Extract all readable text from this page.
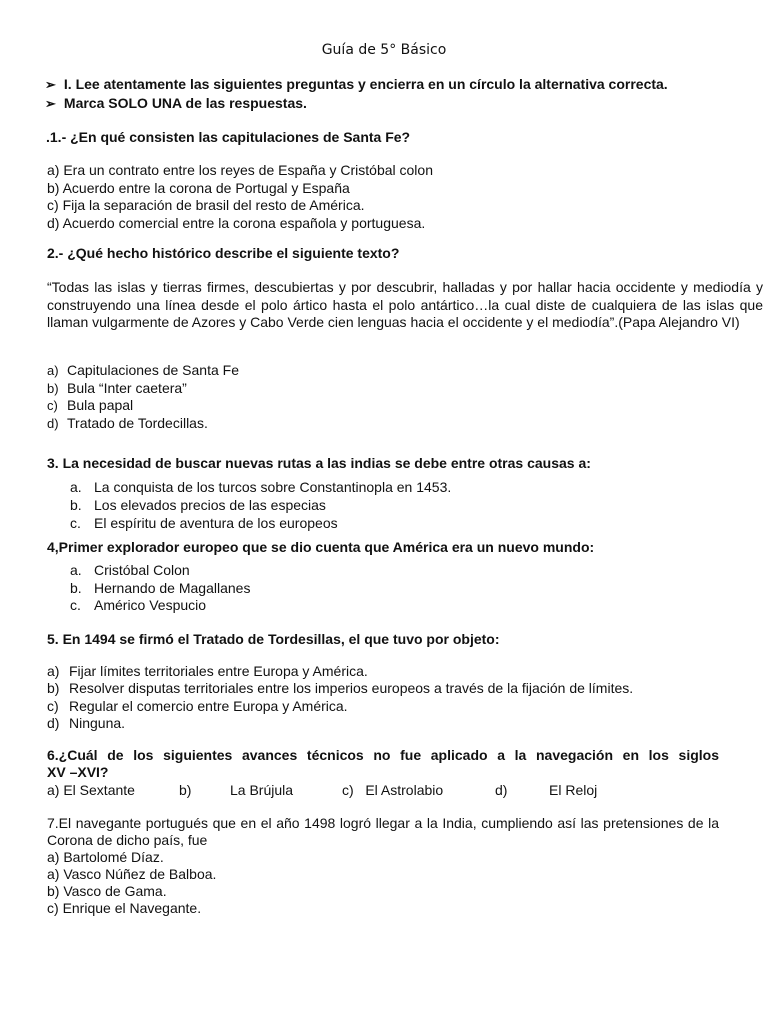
Guía de 5° Básico
➢ I. Lee atentamente las siguientes preguntas y encierra en un círculo la alternativa correcta.
➢ Marca SOLO UNA de las respuestas.
.1.- ¿En qué consisten las capitulaciones de Santa Fe?
a) Era un contrato entre los reyes de España y Cristóbal colon
b) Acuerdo entre la corona de Portugal y España
c) Fija la separación de brasil del resto de América.
d) Acuerdo comercial entre la corona española y portuguesa.
2.- ¿Qué hecho histórico describe el siguiente texto?
“Todas las islas y tierras firmes, descubiertas y por descubrir, halladas y por hallar hacia occidente y mediodía y construyendo una línea desde el polo ártico hasta el polo antártico…la cual diste de cualquiera de las islas que llaman vulgarmente de Azores y Cabo Verde cien lenguas hacia el occidente y el mediodía”.(Papa Alejandro VI)
a) Capitulaciones de Santa Fe
b) Bula “Inter caetera”
c) Bula papal
d) Tratado de Tordecillas.
3. La necesidad de buscar nuevas rutas a las indias se debe entre otras causas a:
a. La conquista de los turcos sobre Constantinopla en 1453.
b. Los elevados precios de las especias
c. El espíritu de aventura de los europeos
4,Primer explorador europeo que se dio cuenta que América era un nuevo mundo:
a. Cristóbal Colon
b. Hernando de Magallanes
c. Américo Vespucio
5. En 1494 se firmó el Tratado de Tordesillas, el que tuvo por objeto:
a) Fijar límites territoriales entre Europa y América.
b) Resolver disputas territoriales entre los imperios europeos a través de la fijación de límites.
c) Regular el comercio entre Europa y América.
d) Ninguna.
6.¿Cuál de los siguientes avances técnicos no fue aplicado a la navegación en los siglos
XV –XVI?
a) El Sextante	b)	La Brújula	c) El Astrolabio	d)	El Reloj
7.El navegante portugués que en el año 1498 logró llegar a la India, cumpliendo así las pretensiones de la Corona de dicho país, fue
a) Bartolomé Díaz.
a) Vasco Núñez de Balboa.
b) Vasco de Gama.
c) Enrique el Navegante.
